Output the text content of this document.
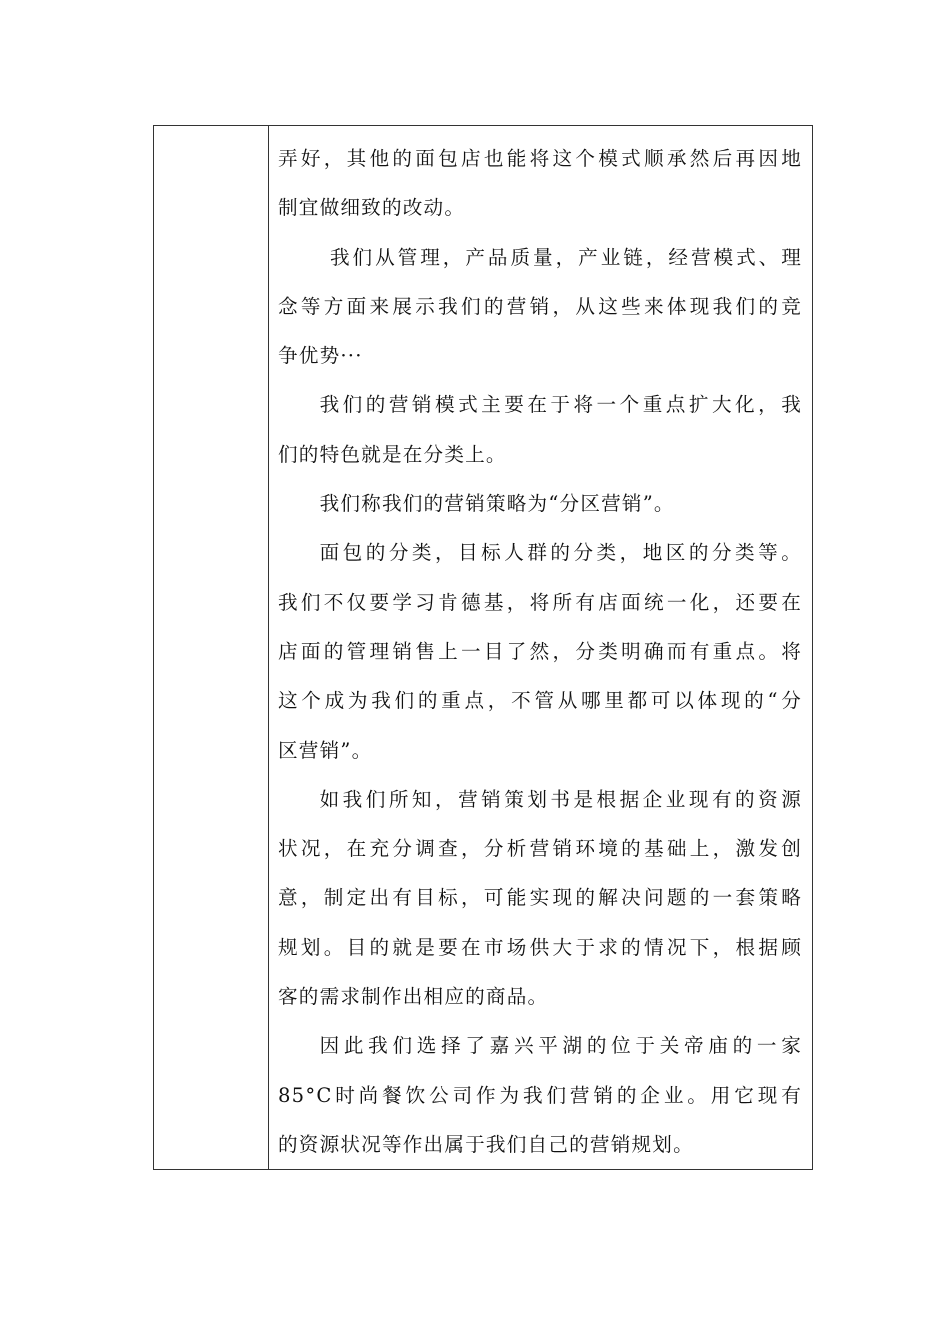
弄好，其他的面包店也能将这个模式顺承然后再因地
制宜做细致的改动。
我们从管理，产品质量，产业链，经营模式、理
念等方面来展示我们的营销，从这些来体现我们的竞
争优势···
我们的营销模式主要在于将一个重点扩大化，我
们的特色就是在分类上。
我们称我们的营销策略为“分区营销”。
面包的分类，目标人群的分类，地区的分类等。
我们不仅要学习肯德基，将所有店面统一化，还要在
店面的管理销售上一目了然，分类明确而有重点。将
这个成为我们的重点，不管从哪里都可以体现的“分
区营销”。
如我们所知，营销策划书是根据企业现有的资源
状况，在充分调查，分析营销环境的基础上，激发创
意，制定出有目标，可能实现的解决问题的一套策略
规划。目的就是要在市场供大于求的情况下，根据顾
客的需求制作出相应的商品。
因此我们选择了嘉兴平湖的位于关帝庙的一家
85°C时尚餐饮公司作为我们营销的企业。用它现有
的资源状况等作出属于我们自己的营销规划。
